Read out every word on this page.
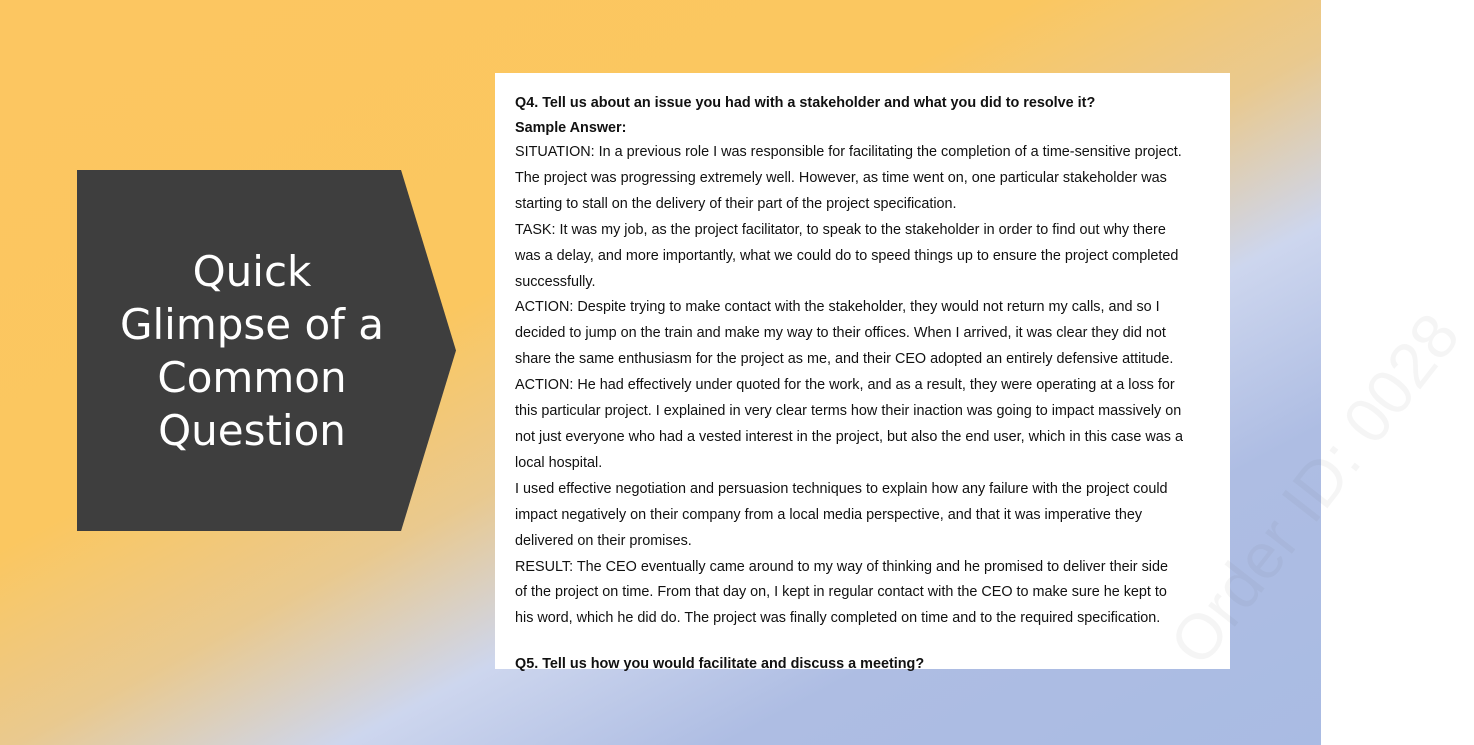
Quick
Glimpse of a
Common
Question

Q4. Tell us about an issue you had with a stakeholder and what you did to resolve it?

Sample Answer:

SITUATION: In a previous role I was responsible for facilitating the completion of a time-sensitive project.

The project was progressing extremely well. However, as time went on, one particular stakeholder was

starting to stall on the delivery of their part of the project specification.

TASK: It was my job, as the project facilitator, to speak to the stakeholder in order to find out why there

was a delay, and more importantly, what we could do to speed things up to ensure the project completed

successfully.

ACTION: Despite trying to make contact with the stakeholder, they would not return my calls, and so I

decided to jump on the train and make my way to their offices. When I arrived, it was clear they did not

share the same enthusiasm for the project as me, and their CEO adopted an entirely defensive attitude.

ACTION: He had effectively under quoted for the work, and as a result, they were operating at a loss for

this particular project. I explained in very clear terms how their inaction was going to impact massively on

not just everyone who had a vested interest in the project, but also the end user, which in this case was a

local hospital.

I used effective negotiation and persuasion techniques to explain how any failure with the project could

impact negatively on their company from a local media perspective, and that it was imperative they

delivered on their promises.

RESULT: The CEO eventually came around to my way of thinking and he promised to deliver their side

of the project on time. From that day on, I kept in regular contact with the CEO to make sure he kept to

his word, which he did do. The project was finally completed on time and to the required specification.

Q5. Tell us how you would facilitate and discuss a meeting?	Order ID: 0028
